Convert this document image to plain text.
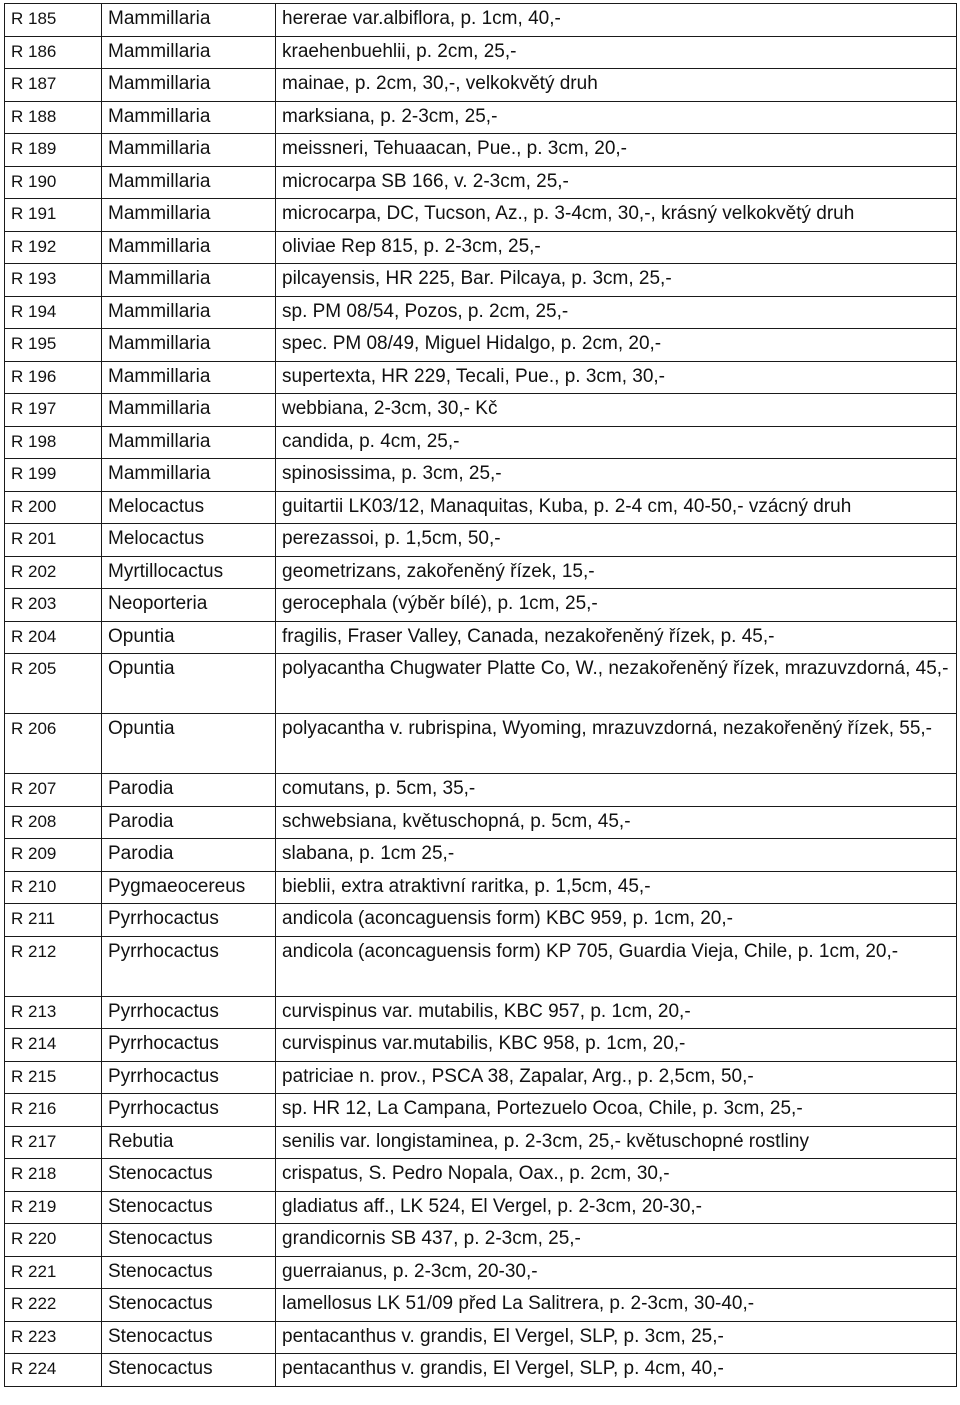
R 185	Mammillaria	hererae var.albiflora, p. 1cm, 40,-
R 186	Mammillaria	kraehenbuehlii, p. 2cm, 25,-
R 187	Mammillaria	mainae, p. 2cm, 30,-, velkokvětý druh
R 188	Mammillaria	marksiana, p. 2-3cm, 25,-
R 189	Mammillaria	meissneri, Tehuaacan, Pue., p. 3cm, 20,-
R 190	Mammillaria	microcarpa SB 166, v. 2-3cm, 25,-
R 191	Mammillaria	microcarpa, DC, Tucson, Az., p. 3-4cm, 30,-, krásný velkokvětý druh
R 192	Mammillaria	oliviae Rep 815, p. 2-3cm, 25,-
R 193	Mammillaria	pilcayensis, HR 225, Bar. Pilcaya, p. 3cm, 25,-
R 194	Mammillaria	sp. PM 08/54, Pozos, p. 2cm, 25,-
R 195	Mammillaria	spec. PM 08/49, Miguel Hidalgo, p. 2cm, 20,-
R 196	Mammillaria	supertexta, HR 229, Tecali, Pue., p. 3cm, 30,-
R 197	Mammillaria	webbiana, 2-3cm, 30,- Kč
R 198	Mammillaria	candida, p. 4cm, 25,-
R 199	Mammillaria	spinosissima, p. 3cm, 25,-
R 200	Melocactus	guitartii LK03/12, Manaquitas, Kuba, p. 2-4 cm, 40-50,- vzácný druh
R 201	Melocactus	perezassoi, p. 1,5cm, 50,-
R 202	Myrtillocactus	geometrizans, zakořeněný řízek, 15,-
R 203	Neoporteria	gerocephala (výběr bílé), p. 1cm, 25,-
R 204	Opuntia	fragilis, Fraser Valley, Canada, nezakořeněný řízek, p. 45,-
R 205	Opuntia	polyacantha Chugwater Platte Co, W., nezakořeněný řízek, mrazuvzdorná, 45,-
R 206	Opuntia	polyacantha v. rubrispina, Wyoming, mrazuvzdorná, nezakořeněný řízek, 55,-
R 207	Parodia	comutans, p. 5cm, 35,-
R 208	Parodia	schwebsiana, květuschopná, p. 5cm, 45,-
R 209	Parodia	slabana, p. 1cm 25,-
R 210	Pygmaeocereus	bieblii, extra atraktivní raritka, p. 1,5cm, 45,-
R 211	Pyrrhocactus	andicola (aconcaguensis form) KBC 959, p. 1cm, 20,-
R 212	Pyrrhocactus	andicola (aconcaguensis form) KP 705, Guardia Vieja, Chile, p. 1cm, 20,-
R 213	Pyrrhocactus	curvispinus var. mutabilis, KBC 957, p. 1cm, 20,-
R 214	Pyrrhocactus	curvispinus var.mutabilis, KBC 958, p. 1cm, 20,-
R 215	Pyrrhocactus	patriciae n. prov., PSCA 38, Zapalar, Arg., p. 2,5cm, 50,-
R 216	Pyrrhocactus	sp. HR 12, La Campana, Portezuelo Ocoa, Chile, p. 3cm, 25,-
R 217	Rebutia	senilis var. longistaminea, p. 2-3cm, 25,- květuschopné rostliny
R 218	Stenocactus	crispatus, S. Pedro Nopala, Oax., p. 2cm, 30,-
R 219	Stenocactus	gladiatus aff., LK 524, El Vergel, p. 2-3cm, 20-30,-
R 220	Stenocactus	grandicornis SB 437, p. 2-3cm, 25,-
R 221	Stenocactus	guerraianus, p. 2-3cm, 20-30,-
R 222	Stenocactus	lamellosus LK 51/09 před La Salitrera, p. 2-3cm, 30-40,-
R 223	Stenocactus	pentacanthus v. grandis, El Vergel, SLP, p. 3cm, 25,-
R 224	Stenocactus	pentacanthus v. grandis, El Vergel, SLP, p. 4cm, 40,-
